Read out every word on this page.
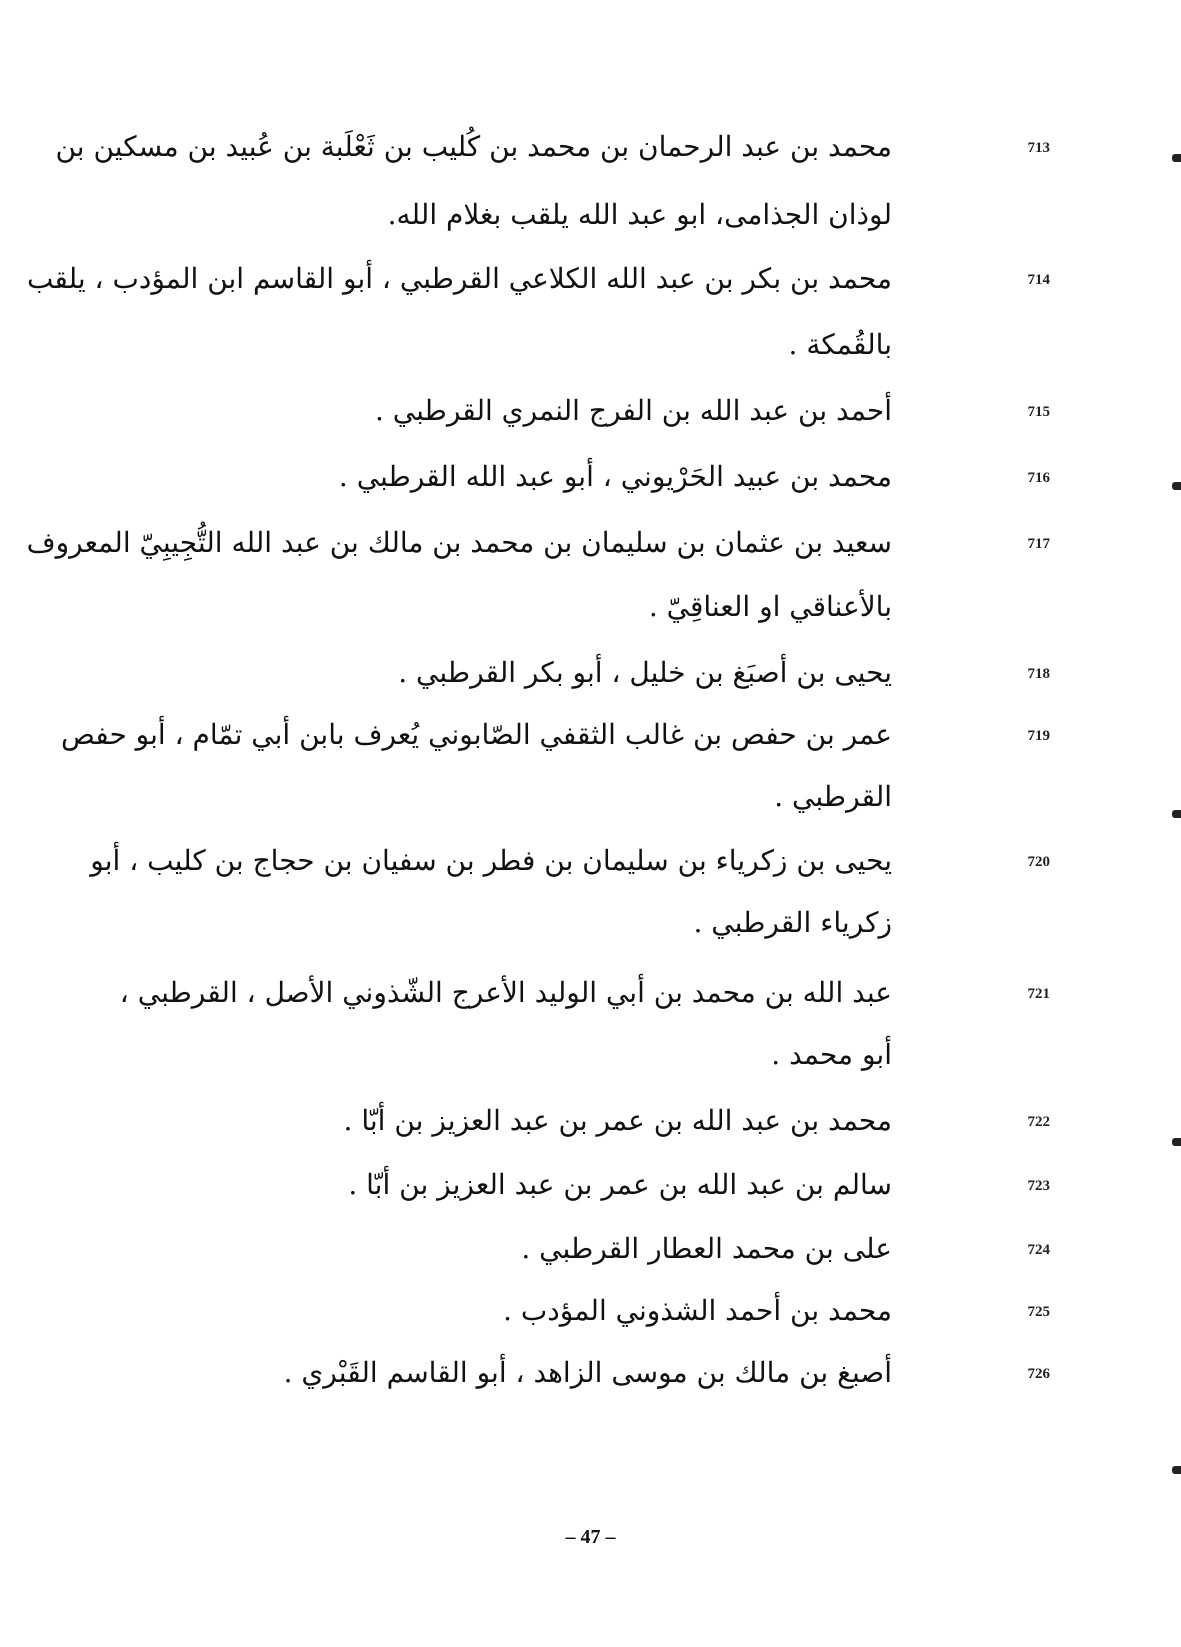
713
محمد بن عبد الرحمان بن محمد بن كُليب بن ثَعْلَبة بن عُبيد بن مسكين بن
لوذان الجذامى، ابو عبد الله يلقب بغلام الله.
714
محمد بن بكر بن عبد الله الكلاعي القرطبي ، أبو القاسم ابن المؤدب ، يلقب
بالقُمكة .
715
أحمد بن عبد الله بن الفرج النمري القرطبي .
716
محمد بن عبيد الحَرْيوني ، أبو عبد الله القرطبي .
717
سعيد بن عثمان بن سليمان بن محمد بن مالك بن عبد الله التُّجِيبِيّ المعروف
بالأعناقي او العناقِيّ .
718
يحيى بن أصبَغ بن خليل ، أبو بكر القرطبي .
719
عمر بن حفص بن غالب الثقفي الصّابوني يُعرف بابن أبي تمّام ، أبو حفص
القرطبي .
720
يحيى بن زكرياء بن سليمان بن فطر بن سفيان بن حجاج بن كليب ، أبو
زكرياء القرطبي .
721
عبد الله بن محمد بن أبي الوليد الأعرج الشّذوني الأصل ، القرطبي ،
أبو محمد .
722
محمد بن عبد الله بن عمر بن عبد العزيز بن أبّا .
723
سالم بن عبد الله بن عمر بن عبد العزيز بن أبّا .
724
على بن محمد العطار القرطبي .
725
محمد بن أحمد الشذوني المؤدب .
726
أصبغ بن مالك بن موسى الزاهد ، أبو القاسم القَبْري .
– 47 –
